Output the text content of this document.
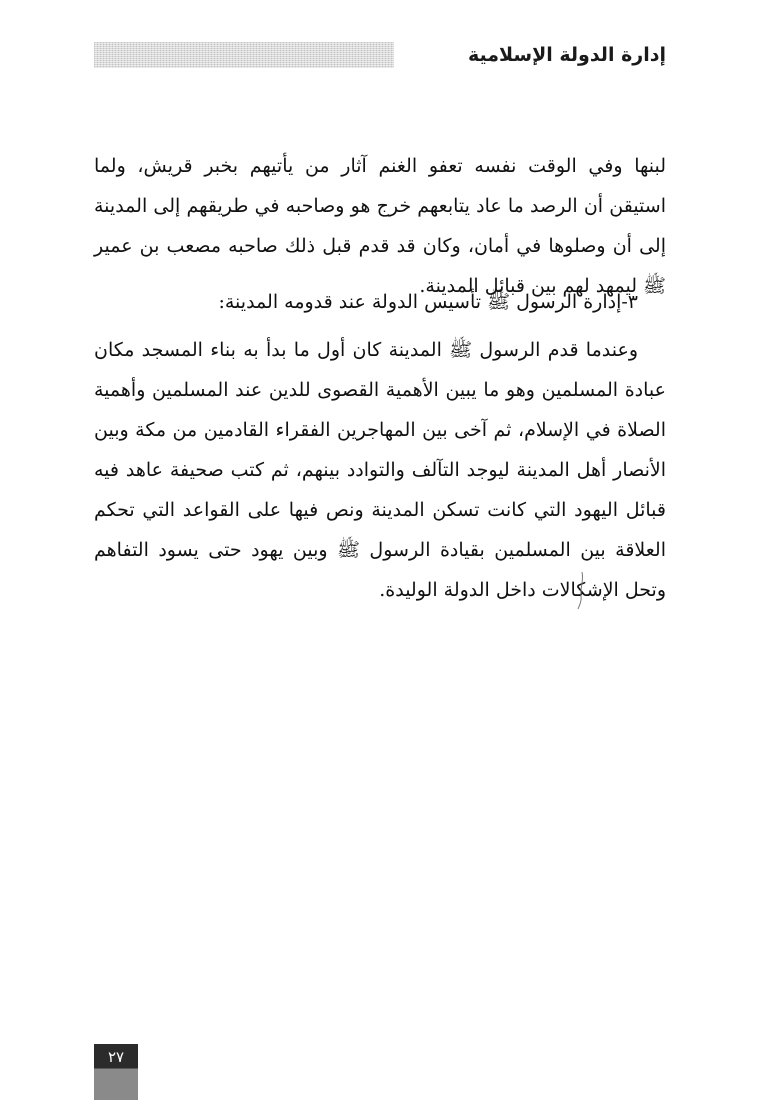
إدارة الدولة الإسلامية

لبنها وفي الوقت نفسه تعفو الغنم آثار من يأتيهم بخبر قريش، ولما استيقن أن الرصد ما عاد يتابعهم خرج هو وصاحبه في طريقهم إلى المدينة إلى أن وصلوها في أمان، وكان قد قدم قبل ذلك صاحبه مصعب بن عمير ﷺ ليمهد لهم بين قبائل المدينة.

٣-إدارة الرسول ﷺ تأسيس الدولة عند قدومه المدينة:

وعندما قدم الرسول ﷺ المدينة كان أول ما بدأ به بناء المسجد مكان عبادة المسلمين وهو ما يبين الأهمية القصوى للدين عند المسلمين وأهمية الصلاة في الإسلام، ثم آخى بين المهاجرين الفقراء القادمين من مكة وبين الأنصار أهل المدينة ليوجد التآلف والتوادد بينهم، ثم كتب صحيفة عاهد فيه قبائل اليهود التي كانت تسكن المدينة ونص فيها على القواعد التي تحكم العلاقة بين المسلمين بقيادة الرسول ﷺ وبين يهود حتى يسود التفاهم وتحل الإشكالات داخل الدولة الوليدة.

٢٧
